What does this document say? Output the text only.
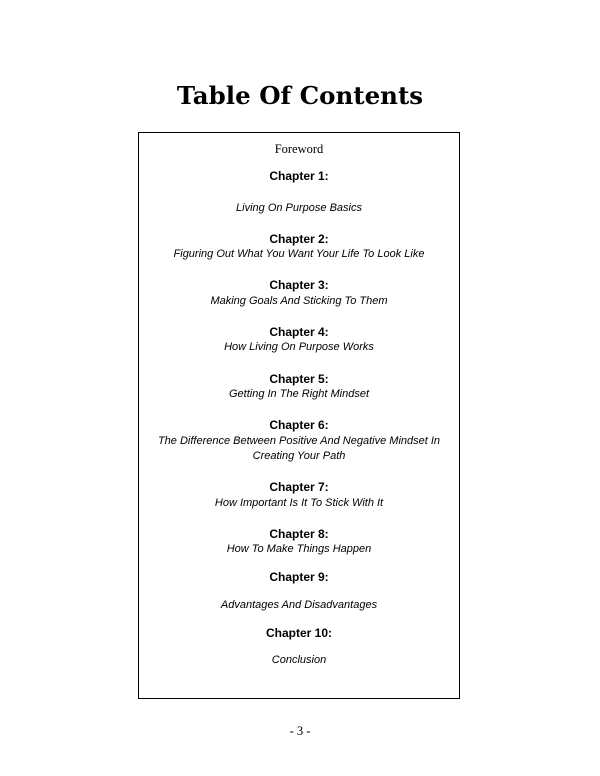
Table Of Contents

Foreword

Chapter 1:

Living On Purpose Basics

Chapter 2:

Figuring Out What You Want Your Life To Look Like

Chapter 3:

Making Goals And Sticking To Them

Chapter 4:

How Living On Purpose Works

Chapter 5:

Getting In The Right Mindset

Chapter 6:

The Difference Between Positive And Negative Mindset In

Creating Your Path

Chapter 7:

How Important Is It To Stick With It

Chapter 8:

How To Make Things Happen

Chapter 9:

Advantages And Disadvantages

Chapter 10:

Conclusion

- 3 -
